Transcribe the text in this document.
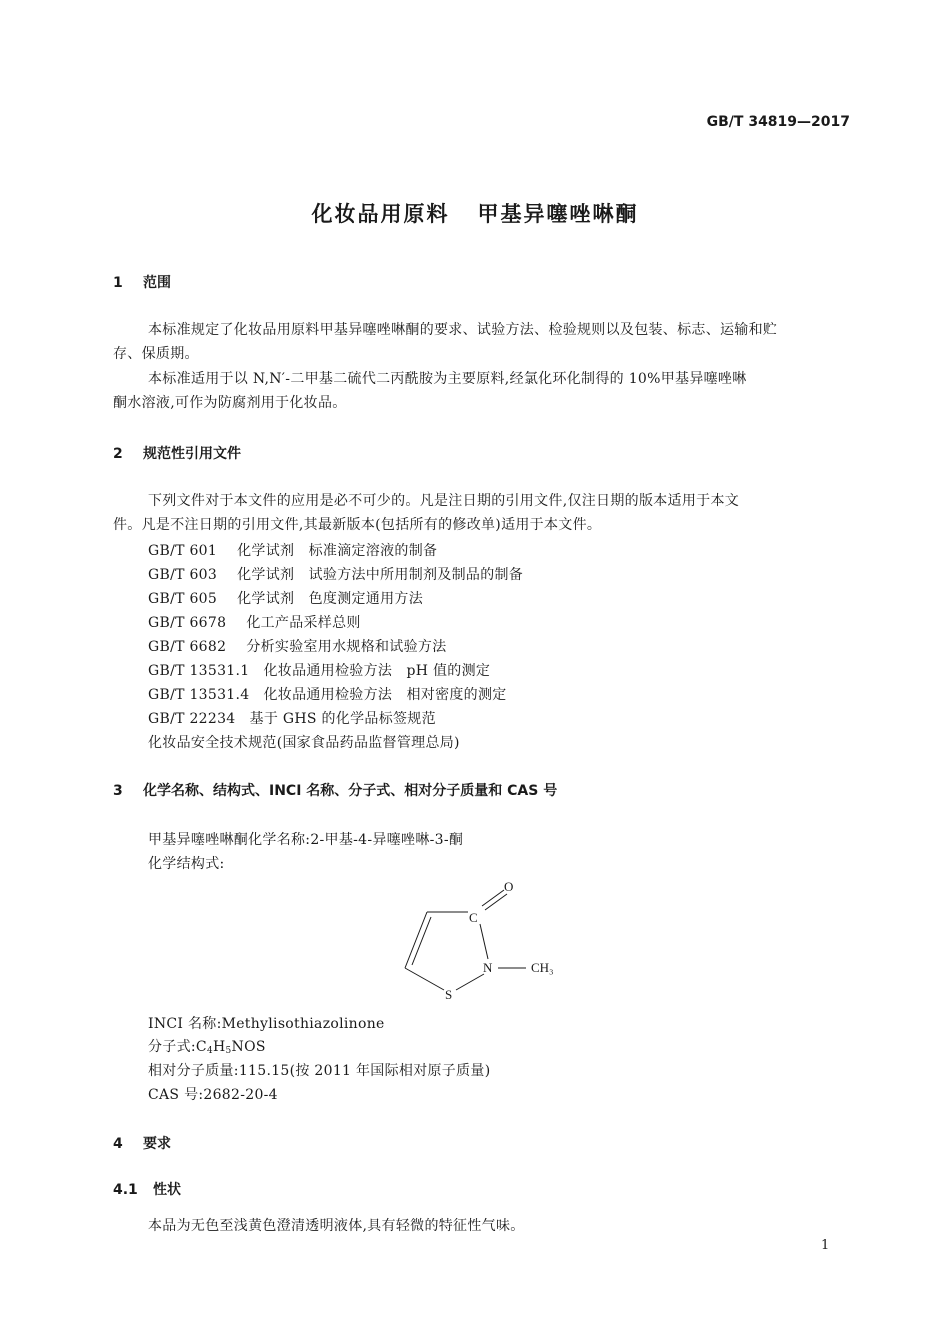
GB/T 34819—2017
化妆品用原料 甲基异噻唑啉酮
1 范围
本标准规定了化妆品用原料甲基异噻唑啉酮的要求、试验方法、检验规则以及包装、标志、运输和贮
存、保质期。
本标准适用于以 N,N′-二甲基二硫代二丙酰胺为主要原料,经氯化环化制得的 10%甲基异噻唑啉
酮水溶液,可作为防腐剂用于化妆品。
2 规范性引用文件
下列文件对于本文件的应用是必不可少的。凡是注日期的引用文件,仅注日期的版本适用于本文
件。凡是不注日期的引用文件,其最新版本(包括所有的修改单)适用于本文件。
GB/T 601 化学试剂　标准滴定溶液的制备
GB/T 603 化学试剂　试验方法中所用制剂及制品的制备
GB/T 605 化学试剂　色度测定通用方法
GB/T 6678 化工产品采样总则
GB/T 6682 分析实验室用水规格和试验方法
GB/T 13531.1 化妆品通用检验方法　pH 值的测定
GB/T 13531.4 化妆品通用检验方法　相对密度的测定
GB/T 22234 基于 GHS 的化学品标签规范
化妆品安全技术规范(国家食品药品监督管理总局)
3 化学名称、结构式、INCI 名称、分子式、相对分子质量和 CAS 号
甲基异噻唑啉酮化学名称:2-甲基-4-异噻唑啉-3-酮
化学结构式:
O
C
N	CH₃
S
INCI 名称:Methylisothiazolinone
分子式$:C_4H_5NOS$
相对分子质量:115.15(按 2011 年国际相对原子质量)
CAS 号:2682-20-4
4 要求
4.1 性状
本品为无色至浅黄色澄清透明液体,具有轻微的特征性气味。
1
